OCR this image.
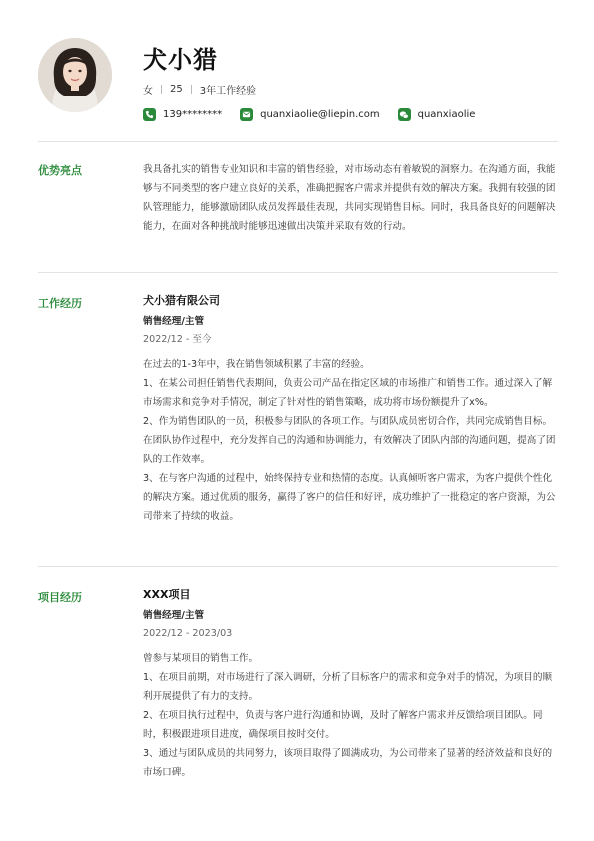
犬小猎
女 25 3年工作经验
139********	quanxiaolie@liepin.com	quanxiaolie
优势亮点	我具备扎实的销售专业知识和丰富的销售经验，对市场动态有着敏锐的洞察力。在沟通方面，我能够与不同类型的客户建立良好的关系，准确把握客户需求并提供有效的解决方案。我拥有较强的团队管理能力，能够激励团队成员发挥最佳表现，共同实现销售目标。同时，我具备良好的问题解决能力，在面对各种挑战时能够迅速做出决策并采取有效的行动。
工作经历	犬小猎有限公司
销售经理/主管
2022/12 - 至今

在过去的1-3年中，我在销售领域积累了丰富的经验。

1、在某公司担任销售代表期间，负责公司产品在指定区域的市场推广和销售工作。通过深入了解市场需求和竞争对手情况，制定了针对性的销售策略，成功将市场份额提升了x%。

2、作为销售团队的一员，积极参与团队的各项工作。与团队成员密切合作，共同完成销售目标。在团队协作过程中，充分发挥自己的沟通和协调能力，有效解决了团队内部的沟通问题，提高了团队的工作效率。

3、在与客户沟通的过程中，始终保持专业和热情的态度。认真倾听客户需求，为客户提供个性化的解决方案。通过优质的服务，赢得了客户的信任和好评，成功维护了一批稳定的客户资源，为公司带来了持续的收益。

项目经历	XXX项目
销售经理/主管
2022/12 - 2023/03

曾参与某项目的销售工作。

1、在项目前期，对市场进行了深入调研，分析了目标客户的需求和竞争对手的情况，为项目的顺利开展提供了有力的支持。

2、在项目执行过程中，负责与客户进行沟通和协调，及时了解客户需求并反馈给项目团队。同时，积极跟进项目进度，确保项目按时交付。

3、通过与团队成员的共同努力，该项目取得了圆满成功，为公司带来了显著的经济效益和良好的市场口碑。
